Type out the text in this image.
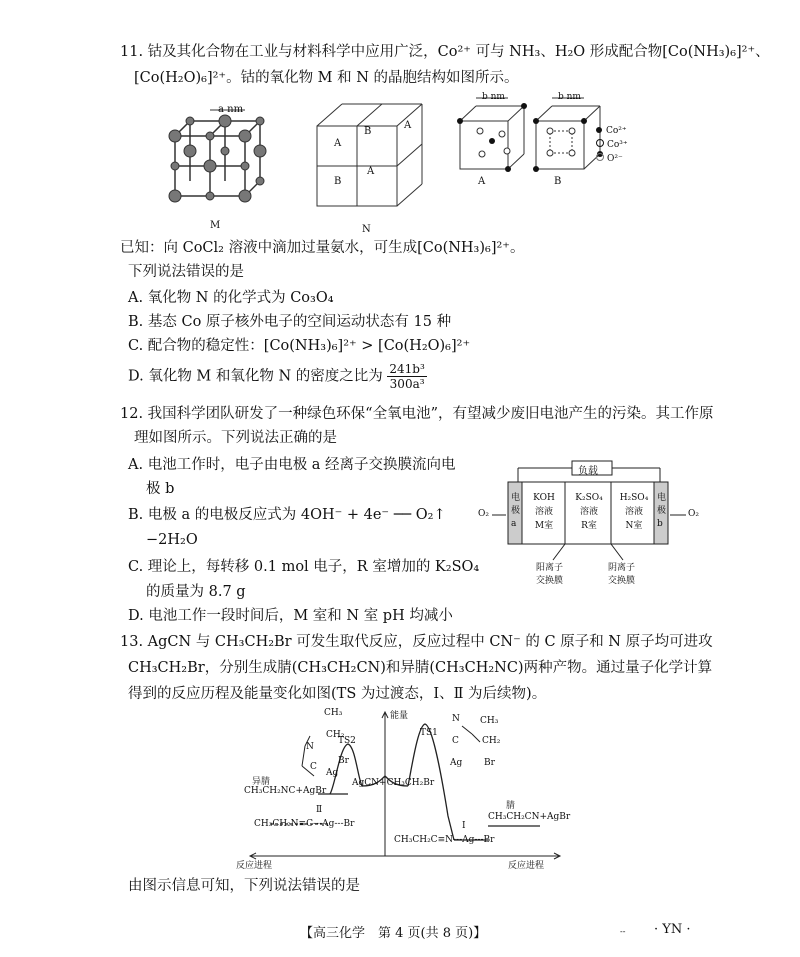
11. 钴及其化合物在工业与材料科学中应用广泛，Co²⁺ 可与 NH₃、H₂O 形成配合物[Co(NH₃)₆]²⁺、
[Co(H₂O)₆]²⁺。钴的氧化物 M 和 N 的晶胞结构如图所示。
a nm
M
A
B
B
A
A
N
b nm
A
b nm
B
Co²⁺
Co³⁺
O²⁻
已知：向 CoCl₂ 溶液中滴加过量氨水，可生成[Co(NH₃)₆]²⁺。
下列说法错误的是
A. 氧化物 N 的化学式为 Co₃O₄
B. 基态 Co 原子核外电子的空间运动状态有 15 种
C. 配合物的稳定性：[Co(NH₃)₆]²⁺ > [Co(H₂O)₆]²⁺
D. 氧化物 M 和氧化物 N 的密度之比为 $\frac{\text{241b³}}{\text{300a³}}$
12. 我国科学团队研发了一种绿色环保“全氧电池”，有望减少废旧电池产生的污染。其工作原
理如图所示。下列说法正确的是
A. 电池工作时，电子由电极 a 经离子交换膜流向电
极 b
B. 电极 a 的电极反应式为 4OH⁻ + 4e⁻ ── O₂↑
−2H₂O
C. 理论上，每转移 0.1 mol 电子，R 室增加的 K₂SO₄
的质量为 8.7 g
D. 电池工作一段时间后，M 室和 N 室 pH 均减小
负载
电
极
a
电
极
b
O₂	O₂
KOH
溶液
M室
K₂SO₄
溶液
R室
H₂SO₄
溶液
N室
阳离子
交换膜
阴离子
交换膜
13. AgCN 与 CH₃CH₂Br 可发生取代反应，反应过程中 CN⁻ 的 C 原子和 N 原子均可进攻
CH₃CH₂Br，分别生成腈(CH₃CH₂CN)和异腈(CH₃CH₂NC)两种产物。通过量子化学计算
得到的反应历程及能量变化如图(TS 为过渡态，Ⅰ、Ⅱ 为后续物)。
能量
TS1
TS2
AgCN+CH₃CH₂Br
异腈
CH₃CH₂NC+AgBr
Ⅱ
CH₃CH₂N≡C---Ag---Br
腈
CH₃CH₂CN+AgBr
Ⅰ
CH₃CH₂C≡N---Ag---Br
反应进程	反应进程
CH₃
CH₂
N
Br
C
Ag
N CH₃
C	CH₂
Ag Br
由图示信息可知，下列说法错误的是
【高三化学　第 4 页(共 8 页)】	-- · YN ·
